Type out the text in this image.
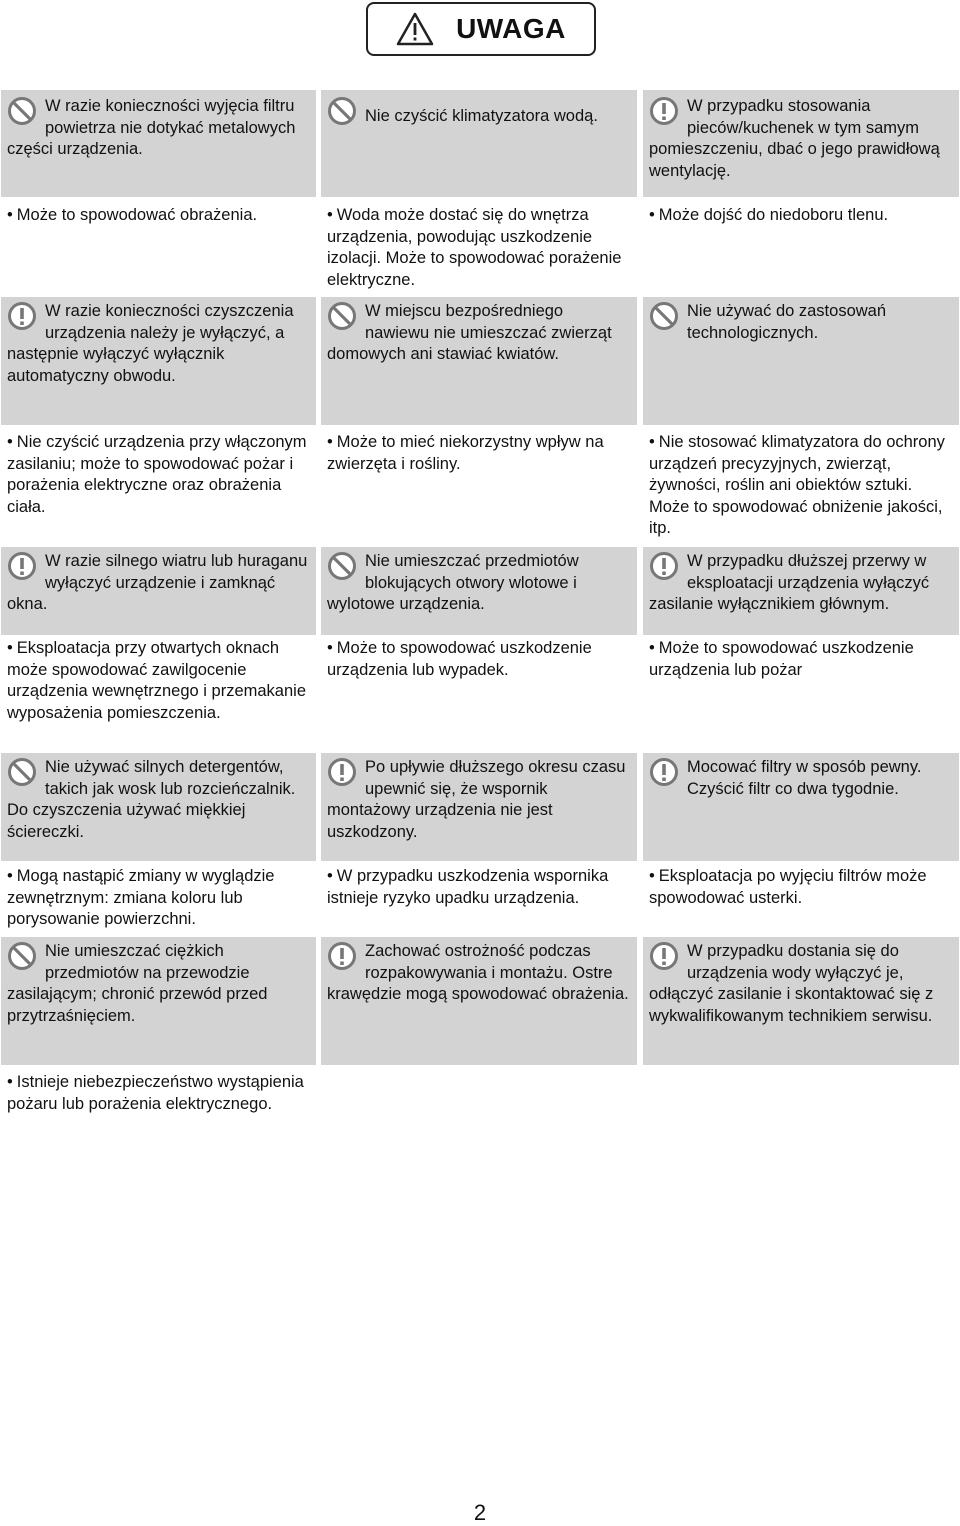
UWAGA
W razie konieczności wyjęcia filtru powietrza nie dotykać metalowych części urządzenia.
• Może to spowodować obrażenia.
Nie czyścić klimatyzatora wodą.
• Woda może dostać się do wnętrza urządzenia, powodując uszkodzenie izolacji. Może to spowodować porażenie elektryczne.
W przypadku stosowania pieców/kuchenek w tym samym pomieszczeniu, dbać o jego prawidłową wentylację.
• Może dojść do niedoboru tlenu.
W razie konieczności czyszczenia urządzenia należy je wyłączyć, a następnie wyłączyć wyłącznik automatyczny obwodu.
• Nie czyścić urządzenia przy włączonym zasilaniu; może to spowodować pożar i porażenia elektryczne oraz obrażenia ciała.
W miejscu bezpośredniego nawiewu nie umieszczać zwierząt domowych ani stawiać kwiatów.
• Może to mieć niekorzystny wpływ na zwierzęta i rośliny.
Nie używać do zastosowań technologicznych.
• Nie stosować klimatyzatora do ochrony urządzeń precyzyjnych, zwierząt, żywności, roślin ani obiektów sztuki. Może to spowodować obniżenie jakości, itp.
W razie silnego wiatru lub huraganu wyłączyć urządzenie i zamknąć okna.
• Eksploatacja przy otwartych oknach może spowodować zawilgocenie urządzenia wewnętrznego i przemakanie wyposażenia pomieszczenia.
Nie umieszczać przedmiotów blokujących otwory wlotowe i wylotowe urządzenia.
• Może to spowodować uszkodzenie urządzenia lub wypadek.
W przypadku dłuższej przerwy w eksploatacji urządzenia wyłączyć zasilanie wyłącznikiem głównym.
• Może to spowodować uszkodzenie urządzenia lub pożar
Nie używać silnych detergentów, takich jak wosk lub rozcieńczalnik. Do czyszczenia używać miękkiej ściereczki.
• Mogą nastąpić zmiany w wyglądzie zewnętrznym: zmiana koloru lub porysowanie powierzchni.
Po upływie dłuższego okresu czasu upewnić się, że wspornik montażowy urządzenia nie jest uszkodzony.
• W przypadku uszkodzenia wspornika istnieje ryzyko upadku urządzenia.
Mocować filtry w sposób pewny. Czyścić filtr co dwa tygodnie.
• Eksploatacja po wyjęciu filtrów może spowodować usterki.
Nie umieszczać ciężkich przedmiotów na przewodzie zasilającym; chronić przewód przed przytrzaśnięciem.
• Istnieje niebezpieczeństwo wystąpienia pożaru lub porażenia elektrycznego.
Zachować ostrożność podczas rozpakowywania i montażu. Ostre krawędzie mogą spowodować obrażenia.
W przypadku dostania się do urządzenia wody wyłączyć je, odłączyć zasilanie i skontaktować się z wykwalifikowanym technikiem serwisu.
2
